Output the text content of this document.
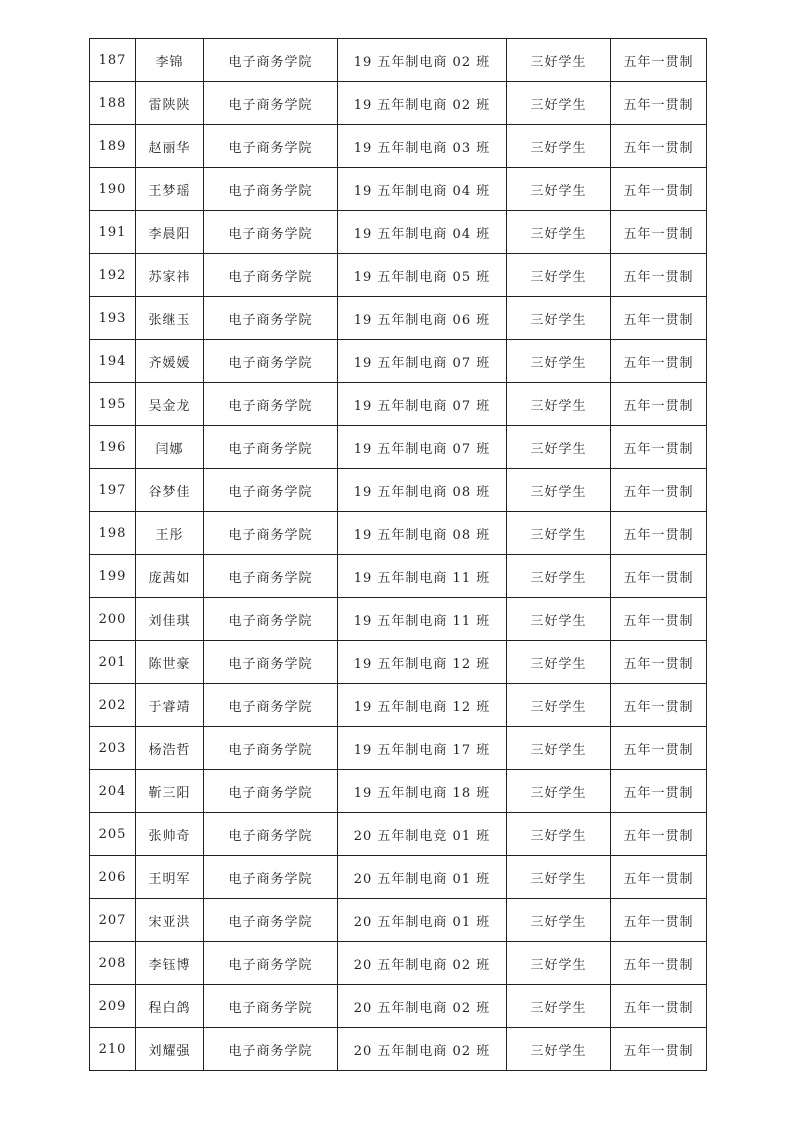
187	李锦	电子商务学院	19 五年制电商 02 班	三好学生	五年一贯制
188	雷陕陕	电子商务学院	19 五年制电商 02 班	三好学生	五年一贯制
189	赵丽华	电子商务学院	19 五年制电商 03 班	三好学生	五年一贯制
190	王梦瑶	电子商务学院	19 五年制电商 04 班	三好学生	五年一贯制
191	李晨阳	电子商务学院	19 五年制电商 04 班	三好学生	五年一贯制
192	苏家祎	电子商务学院	19 五年制电商 05 班	三好学生	五年一贯制
193	张继玉	电子商务学院	19 五年制电商 06 班	三好学生	五年一贯制
194	齐媛媛	电子商务学院	19 五年制电商 07 班	三好学生	五年一贯制
195	吴金龙	电子商务学院	19 五年制电商 07 班	三好学生	五年一贯制
196	闫娜	电子商务学院	19 五年制电商 07 班	三好学生	五年一贯制
197	谷梦佳	电子商务学院	19 五年制电商 08 班	三好学生	五年一贯制
198	王彤	电子商务学院	19 五年制电商 08 班	三好学生	五年一贯制
199	庞茜如	电子商务学院	19 五年制电商 11 班	三好学生	五年一贯制
200	刘佳琪	电子商务学院	19 五年制电商 11 班	三好学生	五年一贯制
201	陈世豪	电子商务学院	19 五年制电商 12 班	三好学生	五年一贯制
202	于睿靖	电子商务学院	19 五年制电商 12 班	三好学生	五年一贯制
203	杨浩哲	电子商务学院	19 五年制电商 17 班	三好学生	五年一贯制
204	靳三阳	电子商务学院	19 五年制电商 18 班	三好学生	五年一贯制
205	张帅奇	电子商务学院	20 五年制电竞 01 班	三好学生	五年一贯制
206	王明军	电子商务学院	20 五年制电商 01 班	三好学生	五年一贯制
207	宋亚洪	电子商务学院	20 五年制电商 01 班	三好学生	五年一贯制
208	李钰博	电子商务学院	20 五年制电商 02 班	三好学生	五年一贯制
209	程白鸽	电子商务学院	20 五年制电商 02 班	三好学生	五年一贯制
210	刘耀强	电子商务学院	20 五年制电商 02 班	三好学生	五年一贯制
